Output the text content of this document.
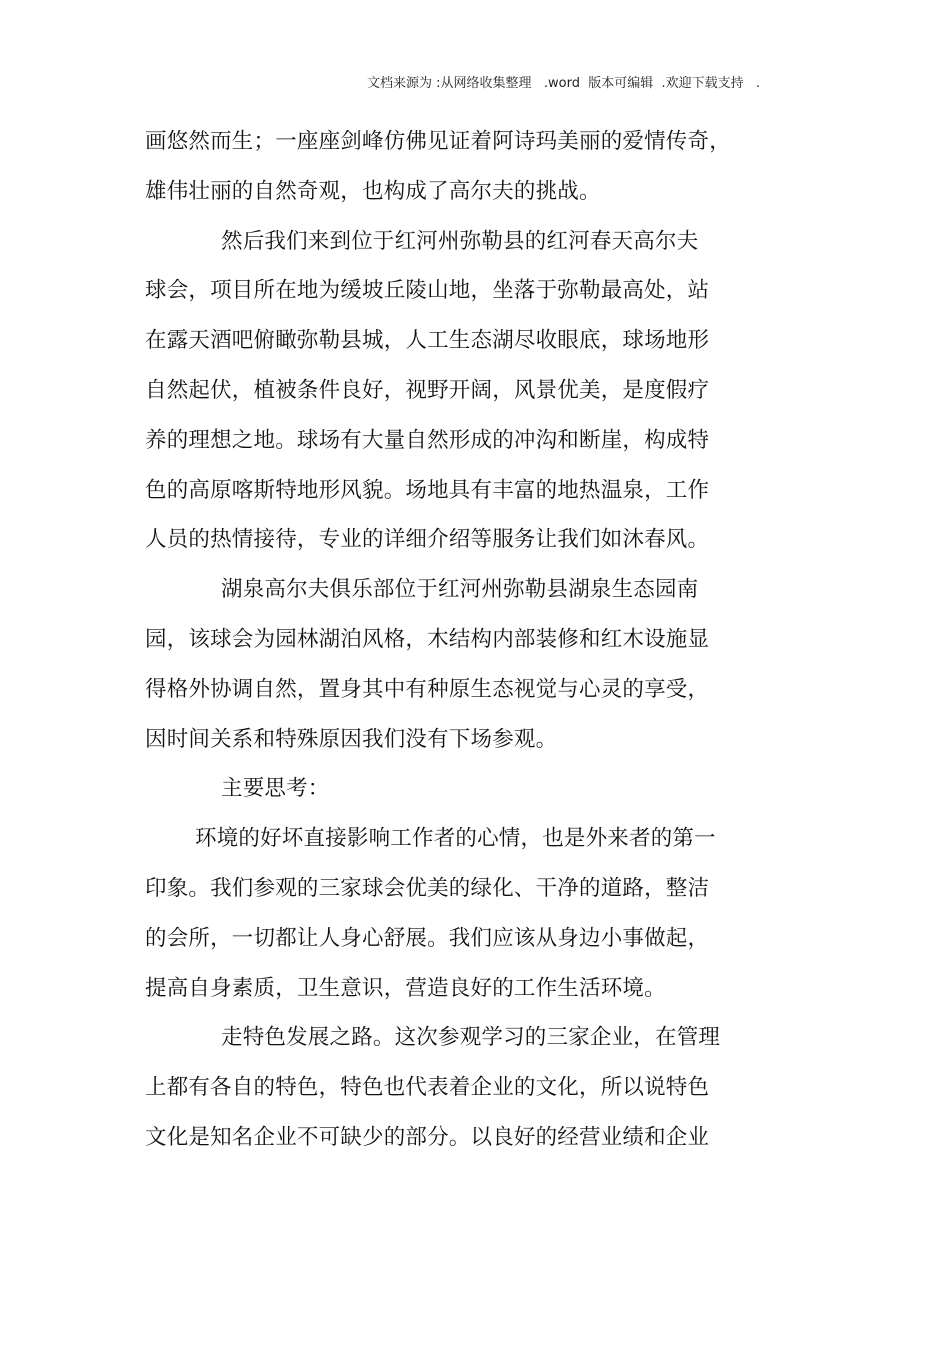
文档来源为 :从网络收集整理   .word  版本可编辑  .欢迎下载支持   .
画悠然而生；一座座剑峰仿佛见证着阿诗玛美丽的爱情传奇，
雄伟壮丽的自然奇观，也构成了高尔夫的挑战。
然后我们来到位于红河州弥勒县的红河春天高尔夫
球会，项目所在地为缓坡丘陵山地，坐落于弥勒最高处，站
在露天酒吧俯瞰弥勒县城，人工生态湖尽收眼底，球场地形
自然起伏，植被条件良好，视野开阔，风景优美，是度假疗
养的理想之地。球场有大量自然形成的冲沟和断崖，构成特
色的高原喀斯特地形风貌。场地具有丰富的地热温泉，工作
人员的热情接待，专业的详细介绍等服务让我们如沐春风。
湖泉高尔夫俱乐部位于红河州弥勒县湖泉生态园南
园，该球会为园林湖泊风格，木结构内部装修和红木设施显
得格外协调自然，置身其中有种原生态视觉与心灵的享受，
因时间关系和特殊原因我们没有下场参观。
主要思考：
环境的好坏直接影响工作者的心情，也是外来者的第一
印象。我们参观的三家球会优美的绿化、干净的道路，整洁
的会所，一切都让人身心舒展。我们应该从身边小事做起，
提高自身素质，卫生意识，营造良好的工作生活环境。
走特色发展之路。这次参观学习的三家企业，在管理
上都有各自的特色，特色也代表着企业的文化，所以说特色
文化是知名企业不可缺少的部分。以良好的经营业绩和企业
